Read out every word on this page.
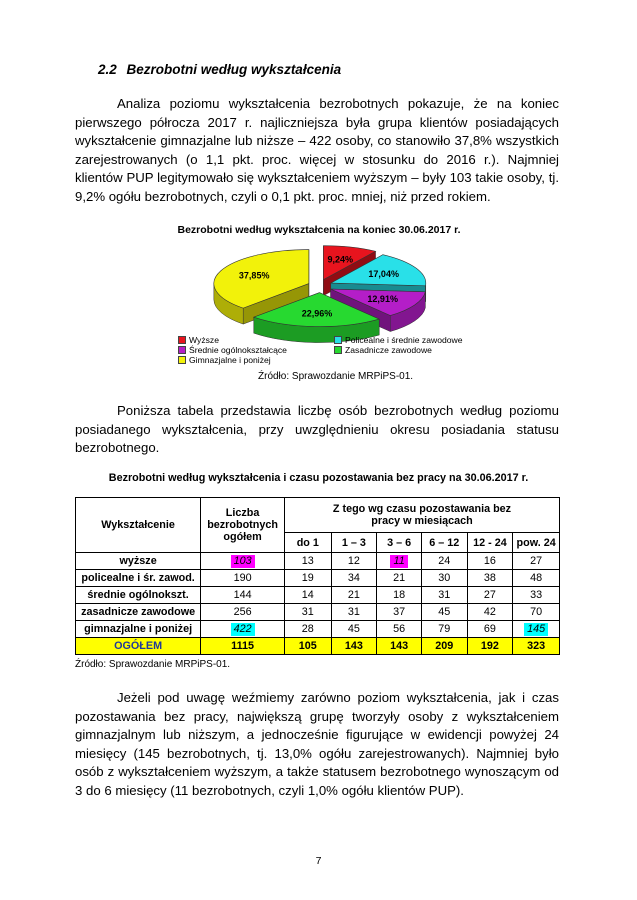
2.2 Bezrobotni według wykształcenia

Analiza poziomu wykształcenia bezrobotnych pokazuje, że na koniec pierwszego półrocza 2017 r. najliczniejsza była grupa klientów posiadających wykształcenie gimnazjalne lub niższe – 422 osoby, co stanowiło 37,8% wszystkich zarejestrowanych (o 1,1 pkt. proc. więcej w stosunku do 2016 r.). Najmniej klientów PUP legitymowało się wykształceniem wyższym – były 103 takie osoby, tj. 9,2% ogółu bezrobotnych, czyli o 0,1 pkt. proc. mniej, niż przed rokiem.

Bezrobotni według wykształcenia na koniec 30.06.2017 r.
9,24%
17,04%
12,91%
22,96%
37,85%
Wyższe	Policealne i średnie zawodowe
Średnie ogólnokształcące	Zasadnicze zawodowe
Gimnazjalne i poniżej
Źródło: Sprawozdanie MRPiPS-01.

Poniższa tabela przedstawia liczbę osób bezrobotnych według poziomu posiadanego wykształcenia, przy uwzględnieniu okresu posiadania statusu bezrobotnego.

Bezrobotni według wykształcenia i czasu pozostawania bez pracy na 30.06.2017 r.
Wykształcenie	Liczba bezrobotnych ogółem	Z tego wg czasu pozostawania bez pracy w miesiącach					
		do 1	1 – 3	3 – 6	6 – 12	12 - 24	pow. 24
wyższe	103	13	12	11	24	16	27
policealne i śr. zawod.	190	19	34	21	30	38	48
średnie ogólnokszt.	144	14	21	18	31	27	33
zasadnicze zawodowe	256	31	31	37	45	42	70
gimnazjalne i poniżej	422	28	45	56	79	69	145
OGÓŁEM	1115	105	143	143	209	192	323
Źródło: Sprawozdanie MRPiPS-01.

Jeżeli pod uwagę weźmiemy zarówno poziom wykształcenia, jak i czas pozostawania bez pracy, największą grupę tworzyły osoby z wykształceniem gimnazjalnym lub niższym, a jednocześnie figurujące w ewidencji powyżej 24 miesięcy (145 bezrobotnych, tj. 13,0% ogółu zarejestrowanych). Najmniej było osób z wykształceniem wyższym, a także statusem bezrobotnego wynoszącym od 3 do 6 miesięcy (11 bezrobotnych, czyli 1,0% ogółu klientów PUP).

7
